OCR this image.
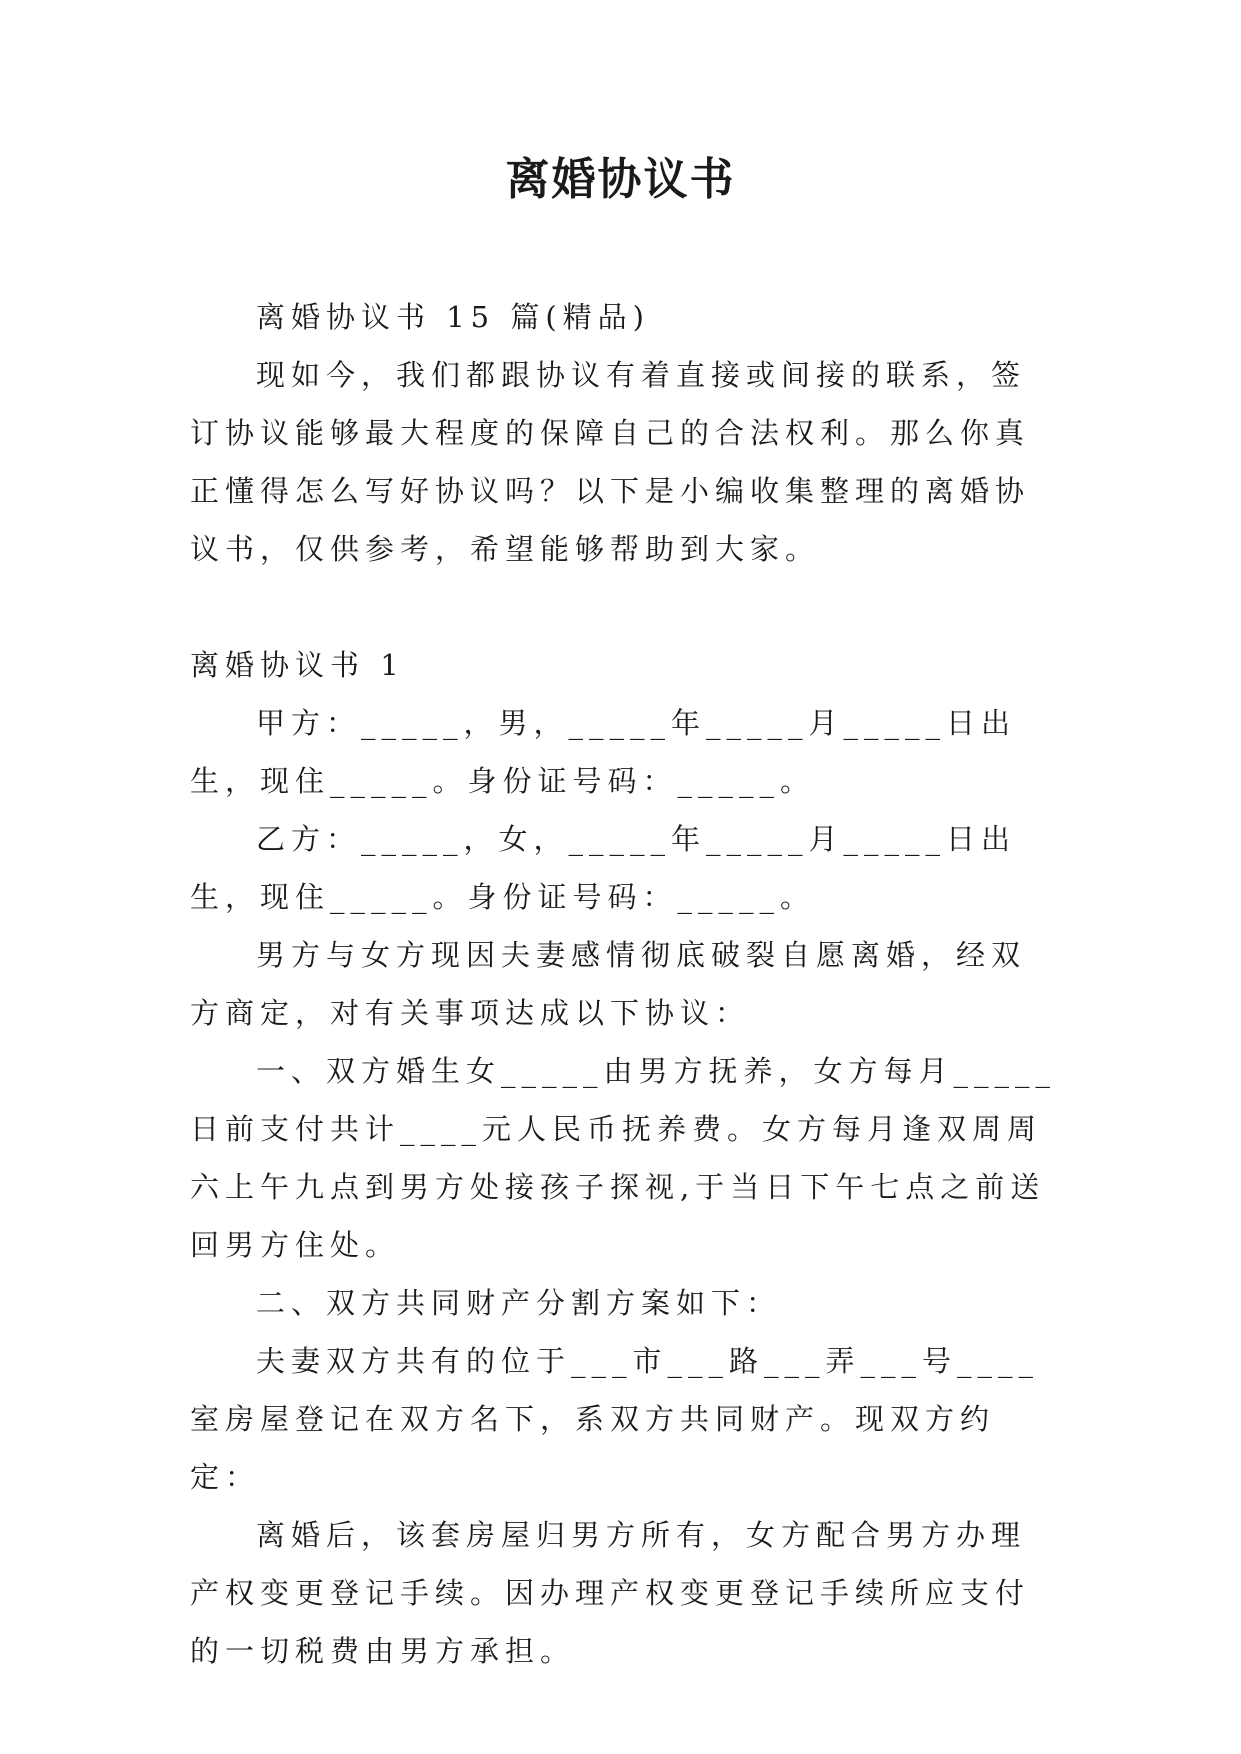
离婚协议书

离婚协议书 15 篇(精品)

现如今，我们都跟协议有着直接或间接的联系，签订协议能够最大程度的保障自己的合法权利。那么你真正懂得怎么写好协议吗？以下是小编收集整理的离婚协议书，仅供参考，希望能够帮助到大家。

离婚协议书 1

甲方：_____，男，_____年_____月_____日出生，现住_____。身份证号码：_____。

乙方：_____，女，_____年_____月_____日出生，现住_____。身份证号码：_____。

男方与女方现因夫妻感情彻底破裂自愿离婚，经双方商定，对有关事项达成以下协议：

一、双方婚生女_____由男方抚养，女方每月_____日前支付共计____元人民币抚养费。女方每月逢双周周六上午九点到男方处接孩子探视,于当日下午七点之前送回男方住处。

二、双方共同财产分割方案如下：

夫妻双方共有的位于___市___路___弄___号____室房屋登记在双方名下，系双方共同财产。现双方约定：

离婚后，该套房屋归男方所有，女方配合男方办理产权变更登记手续。因办理产权变更登记手续所应支付的一切税费由男方承担。
